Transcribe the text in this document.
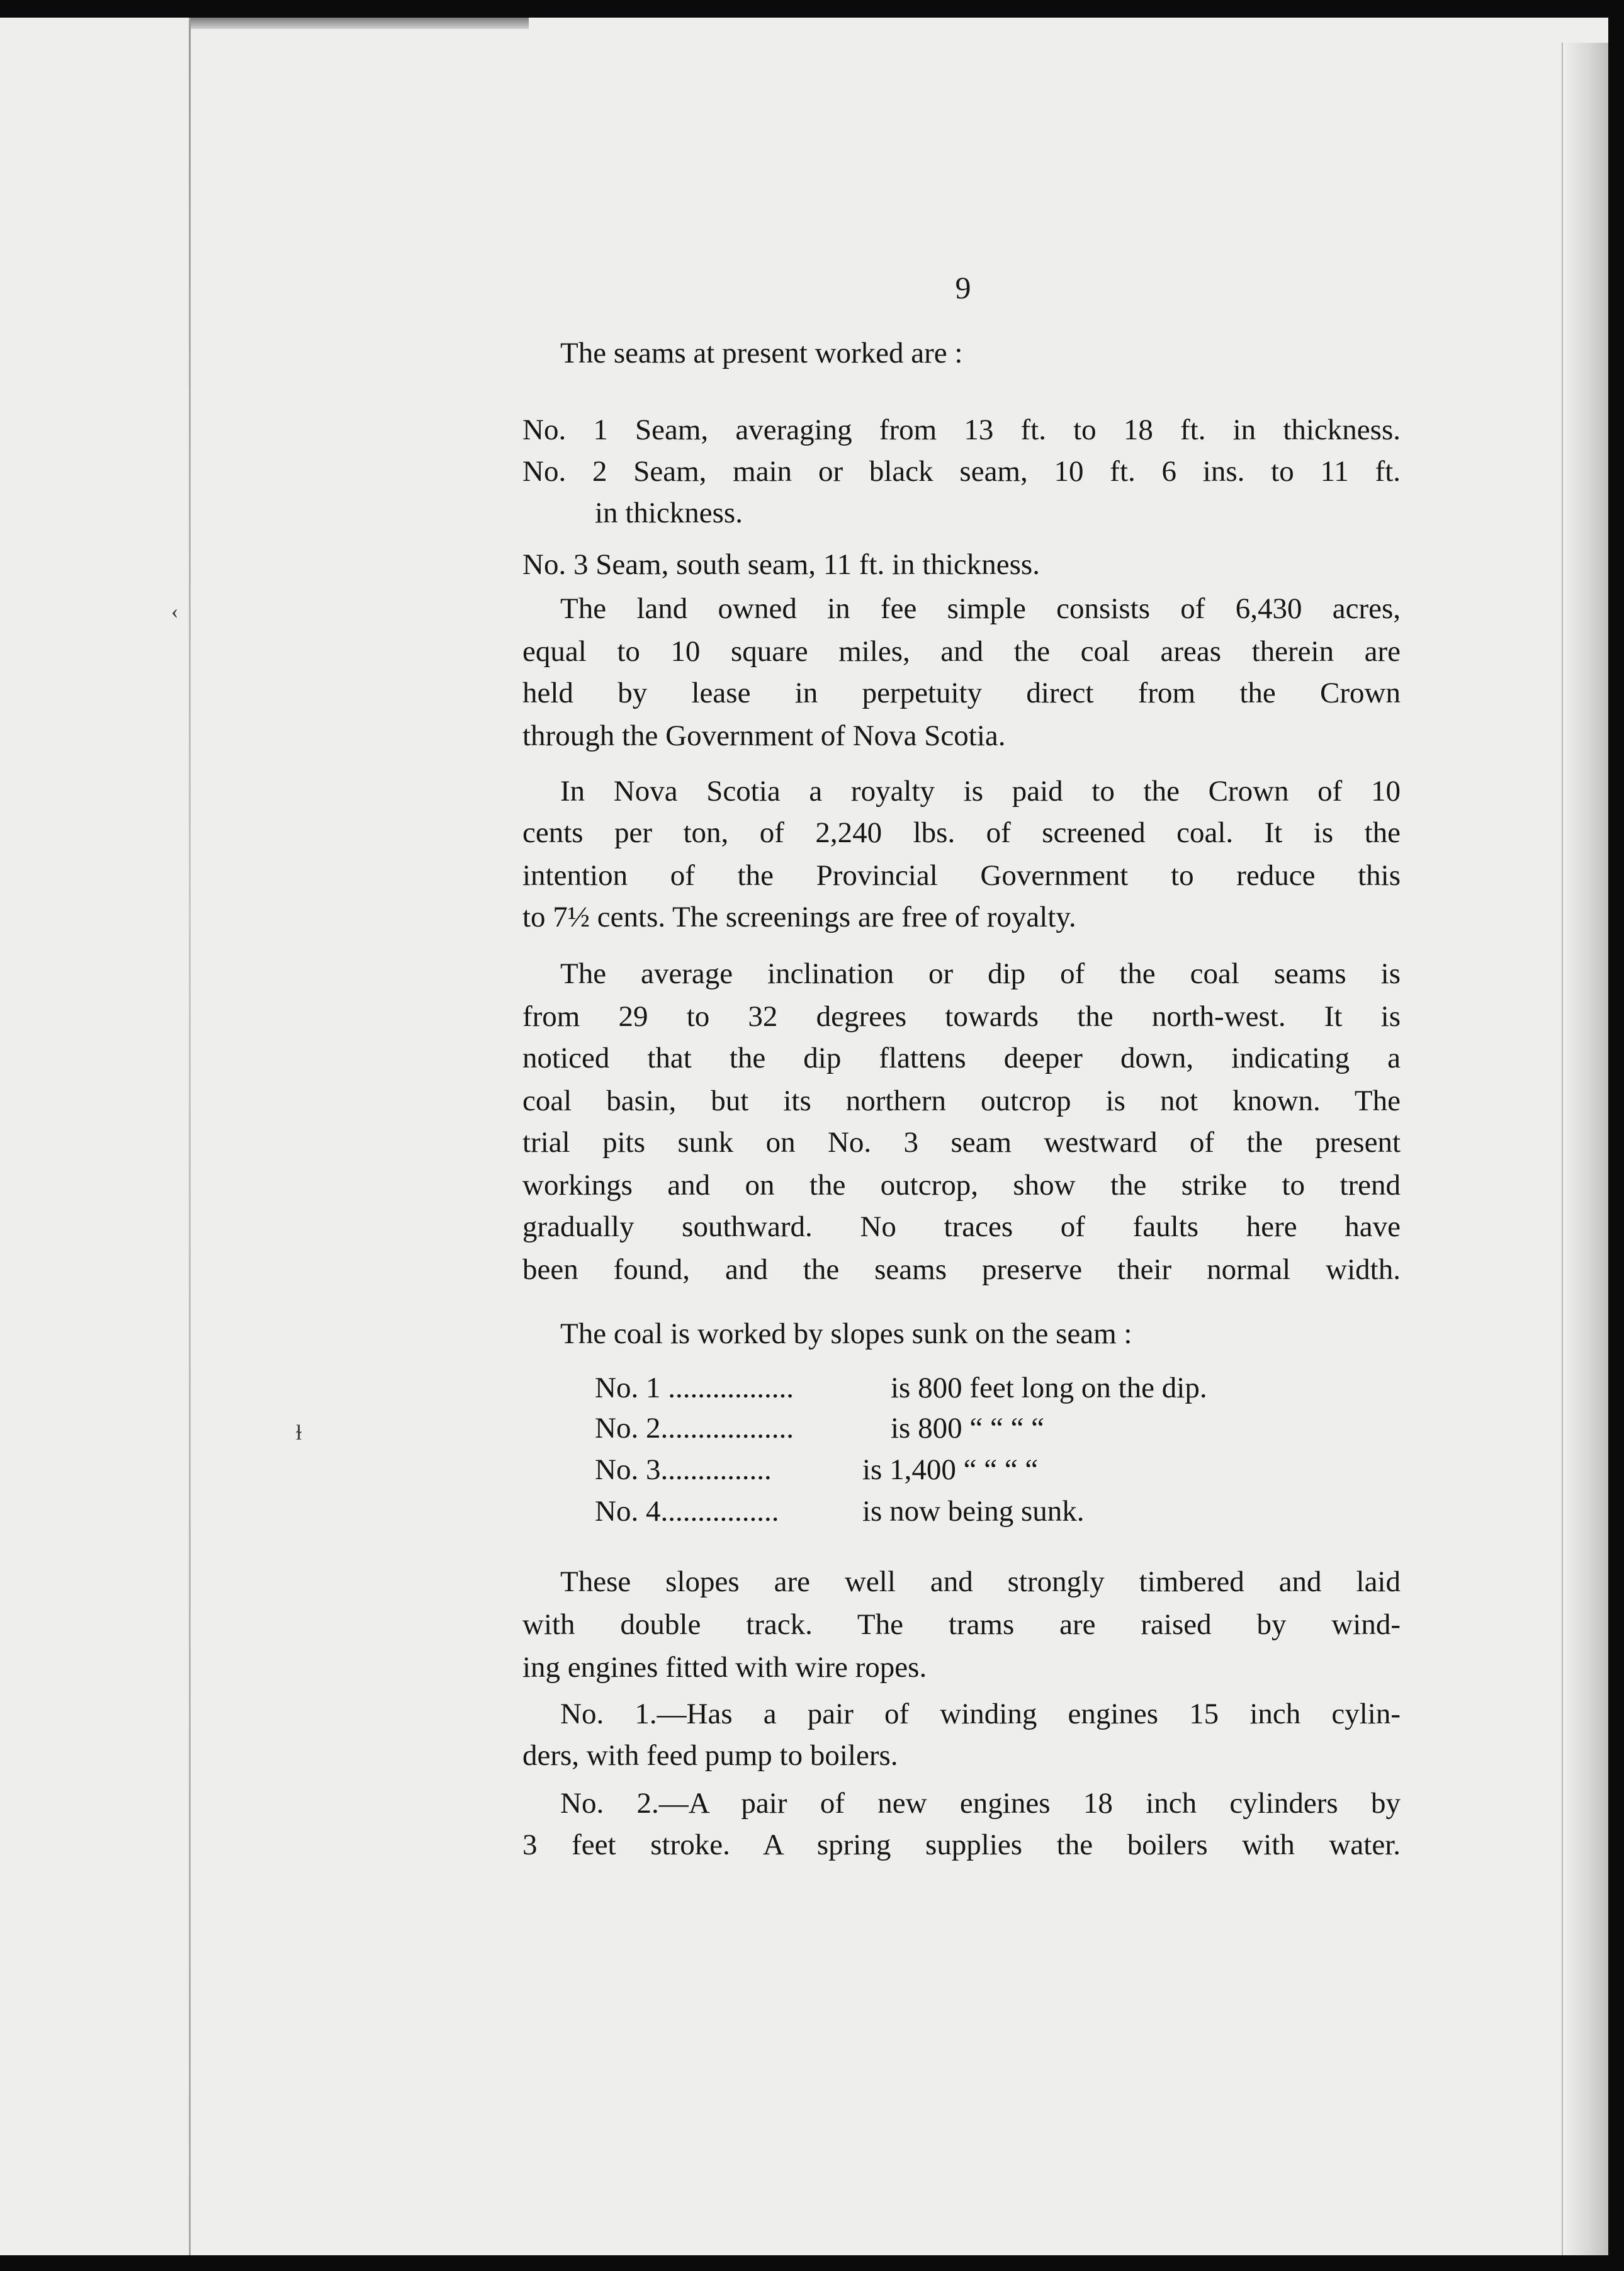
‹
ɫ
9
The seams at present worked are :
No. 1 Seam, averaging from 13 ft. to 18 ft. in thickness.
No. 2 Seam, main or black seam, 10 ft. 6 ins. to 11 ft.
in thickness.
No. 3 Seam, south seam, 11 ft. in thickness.
The land owned in fee simple consists of 6,430 acres,
equal to 10 square miles, and the coal areas therein are
held by lease in perpetuity direct from the Crown
through the Government of Nova Scotia.
In Nova Scotia a royalty is paid to the Crown of 10
cents per ton, of 2,240 lbs. of screened coal. It is the
intention of the Provincial Government to reduce this
to 7½ cents. The screenings are free of royalty.
The average inclination or dip of the coal seams is
from 29 to 32 degrees towards the north-west. It is
noticed that the dip flattens deeper down, indicating a
coal basin, but its northern outcrop is not known. The
trial pits sunk on No. 3 seam westward of the present
workings and on the outcrop, show the strike to trend
gradually southward. No traces of faults here have
been found, and the seams preserve their normal width.
The coal is worked by slopes sunk on the seam :
No. 1 .................	is 800 feet long on the dip.
No. 2..................	is 800 “ “ “ “
No. 3...............	is 1,400 “ “ “ “
No. 4................	is now being sunk.
These slopes are well and strongly timbered and laid
with double track. The trams are raised by wind-
ing engines fitted with wire ropes.
No. 1.—Has a pair of winding engines 15 inch cylin-
ders, with feed pump to boilers.
No. 2.—A pair of new engines 18 inch cylinders by
3 feet stroke. A spring supplies the boilers with water.
